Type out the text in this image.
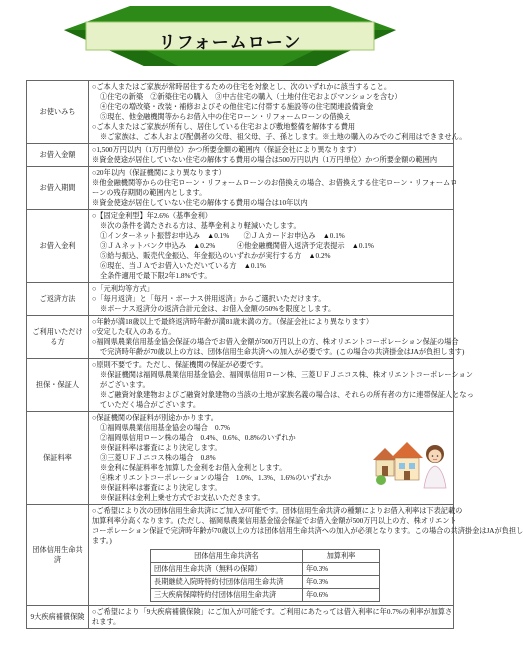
リフォームローン
お使いみち	
○ご本人またはご家族が常時居住するための住宅を対象とし、次のいずれかに該当すること。
①住宅の新築　②新築住宅の購入　③中古住宅の購入（土地付住宅およびマンションを含む）
④住宅の増改築・改装・補修およびその他住宅に付帯する施設等の住宅関連設備資金
⑤現在、他金融機関等からお借入中の住宅ローン・リフォームローンの借換え
○ご本人またはご家族が所有し、居住している住宅および敷地整備を解体する費用
※ご家族は、ご本人および配偶者の父母、祖父母、子、孫とします。※土地の購入のみでのご利用はできません。

お借入金額	
○1,500万円以内（1万円単位）かつ所要金額の範囲内（保証会社により異なります）
※資金使途が居住していない住宅の解体する費用の場合は500万円以内（1万円単位）かつ所要金額の範囲内

お借入期間	
○20年以内（保証機関により異なります）
※他金融機関等からの住宅ローン・リフォームローンのお借換えの場合、お借換えする住宅ローン・リフォームロ
ーンの残存期間の範囲内とします。
※資金使途が居住していない住宅の解体する費用の場合は10年以内

お借入金利	
○【固定金利型】年2.6%（基準金利）
※次の条件を満たされる方は、基準金利より軽減いたします。
①インターネット振替お申込み　▲0.1%　　②ＪＡカードお申込み　▲0.1%
③ＪＡネットバンク申込み　▲0.2%　　　④他金融機関借入返済予定表提示　▲0.1%
⑤給与振込、販売代金振込、年金振込のいずれかが実行する方　▲0.2%
⑥現在、当ＪＡでお借入いただいている方　▲0.1%
全条件適用で最下限2年1.8%です。

ご返済方法	
○「元利均等方式」
○「毎月返済」と「毎月・ボーナス併用返済」からご選択いただけます。
※ボーナス返済分の返済合計元金は、お借入金額の50%を限度とします。

ご利用いただける方	
○年齢が満18歳以上で最終返済時年齢が満81歳未満の方。（保証会社により異なります）
○安定した収入のある方。
○福岡県農業信用基金協会保証の場合でお借入金額が500万円以上の方、株オリエントコーポレーション保証の場合
で完済時年齢が70歳以上の方は、団体信用生命共済への加入が必要です。(この場合の共済掛金はJAが負担します)

担保・保証人	
○原則不要です。ただし、保証機関の保証が必要です。
※保証機関は福岡県農業信用基金協会、福岡県信用ローン株、三菱ＵＦＪニコス株、株オリエントコーポレーション
がございます。
※ご融資対象建物およびご融資対象建物の当該の土地が家族名義の場合は、それらの所有者の方に連帯保証人となっ
ていただく場合がございます。

保証料率	
○保証機関の保証料が別途かかります。
①福岡県農業信用基金協会の場合　0.7%
②福岡県信用ローン株の場合　0.4%、0.6%、0.8%のいずれか
※保証料率は審査により決定します。
③三菱ＵＦＪニコス株の場合　0.8%
※金利に保証料率を加算した金利をお借入金利とします。
④株オリエントコーポレーションの場合　1.0%、1.3%、1.6%のいずれか
※保証料率は審査により決定します。
※保証料は金利上乗せ方式でお支払いただきます。

団体信用生命共済	
○ご希望により次の団体信用生命共済にご加入が可能です。団体信用生命共済の種類によりお借入利率は下表記載の
加算利率分高くなります。(ただし、福岡県農業信用基金協会保証でお借入金額が500万円以上の方、株オリエント
コーポレーション保証で完済時年齢が70歳以上の方は団体信用生命共済への加入が必須となります。この場合の共済掛金はJAが負担し
ます。)
団体信用生命共済名	加算利率
団体信用生命共済（無料の保障）	年0.3%
長期継続入院時特約付団体信用生命共済	年0.3%
三大疾病保障特約付団体信用生命共済	年0.6%

9大疾病補償保険	
○ご希望により「9大疾病補償保険」にご加入が可能です。ご利用にあたっては借入利率に年0.7%の利率が加算さ
れます。
